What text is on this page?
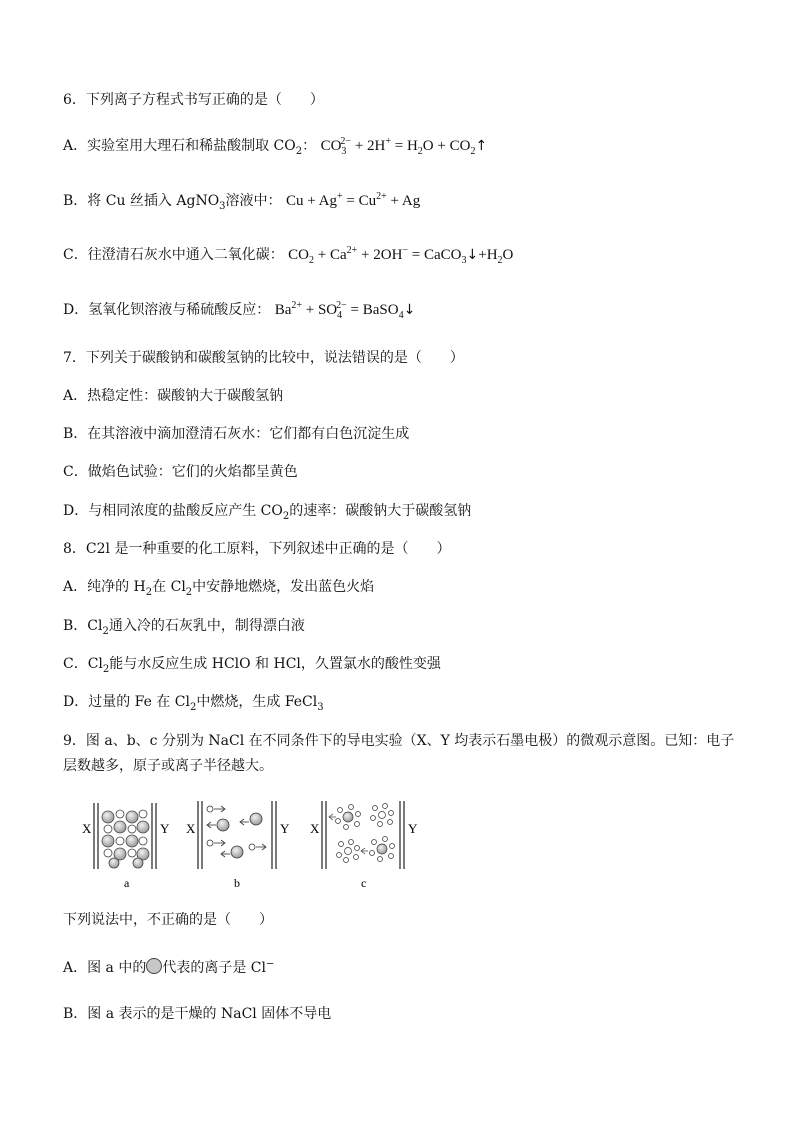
6．下列离子方程式书写正确的是（　　）
A．实验室用大理石和稀盐酸制取 $CO_2$： $CO_3^{2-} + 2H^+ = H_2O$ + $CO_2↑$
B．将 Cu 丝插入 AgNO$_3$溶液中： $Cu + Ag^+ = Cu^{2+} + Ag$
C．往澄清石灰水中通入二氧化碳： $CO_2 + Ca^{2+} + 2OH^-$ = $CaCO_3↓+H_2O$
D．氢氧化钡溶液与稀硫酸反应： $Ba^{2+} + SO_4^{2-}$ = BaSO$_4$↓
7．下列关于碳酸钠和碳酸氢钠的比较中，说法错误的是（　　）
A．热稳定性：碳酸钠大于碳酸氢钠
B．在其溶液中滴加澄清石灰水：它们都有白色沉淀生成
C．做焰色试验：它们的火焰都呈黄色
D．与相同浓度的盐酸反应产生 $CO_2$的速率：碳酸钠大于碳酸氢钠
8．C2l 是一种重要的化工原料，下列叙述中正确的是（　　）
A．纯净的 $H_2$在 $Cl_2$中安静地燃烧，发出蓝色火焰
B．$Cl_2$通入冷的石灰乳中，制得漂白液
C．$Cl_2$能与水反应生成 HClO 和 HCl，久置氯水的酸性变强
D．过量的 Fe 在 $Cl_2$中燃烧，生成 FeCl$_3$
9．图 a、b、c 分别为 NaCl 在不同条件下的导电实验（X、Y 均表示石墨电极）的微观示意图。已知：电子
层数越多，原子或离子半径越大。
X	Y
a
X	Y
b
X	Y
c
下列说法中，不正确的是（　　）
A．图 a 中的 代表的离子是 Cl−
B．图 a 表示的是干燥的 NaCl 固体不导电
